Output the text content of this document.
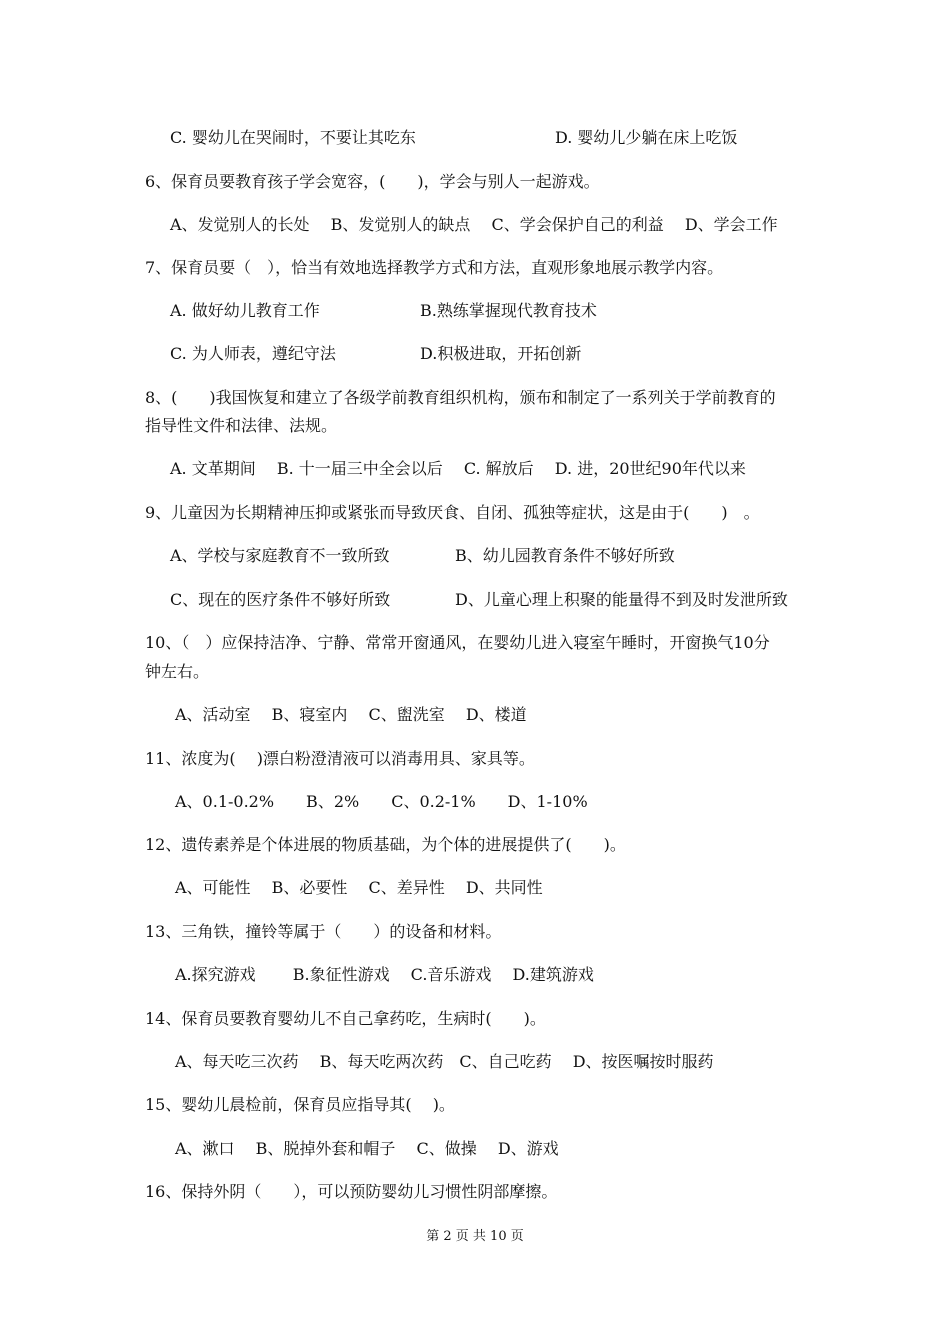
C. 婴幼儿在哭闹时，不要让其吃东	D. 婴幼儿少躺在床上吃饭
6、保育员要教育孩子学会宽容，(　　)，学会与别人一起游戏。
A、发觉别人的长处　 B、发觉别人的缺点　 C、学会保护自己的利益　 D、学会工作
7、保育员要（　），恰当有效地选择教学方式和方法，直观形象地展示教学内容。
A. 做好幼儿教育工作	B.熟练掌握现代教育技术
C. 为人师表，遵纪守法	D.积极进取，开拓创新
8、(　　)我国恢复和建立了各级学前教育组织机构，颁布和制定了一系列关于学前教育的
指导性文件和法律、法规。
A. 文革期间　 B. 十一届三中全会以后　 C. 解放后　 D. 进，20世纪90年代以来
9、儿童因为长期精神压抑或紧张而导致厌食、自闭、孤独等症状，这是由于(　　)　。
A、学校与家庭教育不一致所致	B、幼儿园教育条件不够好所致
C、现在的医疗条件不够好所致	D、儿童心理上积聚的能量得不到及时发泄所致
10、（　）应保持洁净、宁静、常常开窗通风，在婴幼儿进入寝室午睡时，开窗换气10分
钟左右。
A、活动室　 B、寝室内　 C、盥洗室　 D、楼道
11、浓度为(　 )漂白粉澄清液可以消毒用具、家具等。
A、0.1-0.2%　　B、2%　　C、0.2-1%　　D、1-10%
12、遗传素养是个体进展的物质基础，为个体的进展提供了(　　)。
A、可能性　 B、必要性　 C、差异性　 D、共同性
13、三角铁，撞铃等属于（　　）的设备和材料。
A.探究游戏　　 B.象征性游戏　 C.音乐游戏　 D.建筑游戏
14、保育员要教育婴幼儿不自己拿药吃，生病时(　　)。
A、每天吃三次药　 B、每天吃两次药　C、自己吃药　 D、按医嘱按时服药
15、婴幼儿晨检前，保育员应指导其(　 )。
A、漱口　 B、脱掉外套和帽子　 C、做操　 D、游戏
16、保持外阴（　　），可以预防婴幼儿习惯性阴部摩擦。
第 2 页 共 10 页
